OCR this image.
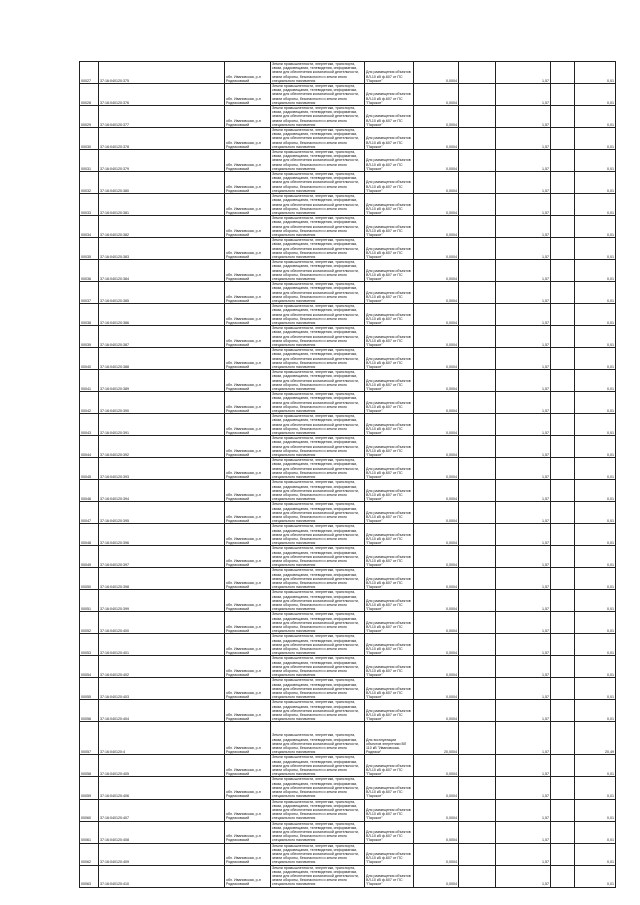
00027	37:16:040120:375	обл. Ивановская, р-н Родниковский	Земли промышленности, энергетики, транспорта, связи, радиовещания, телевидения, информатики, земли для обеспечения космической деятельности, земли обороны, безопасности и земли иного специального назначения	Для размещения объектов ВЛ-10 кВ ф.607 от ПС "Парское"	0,0004		1,57		0,01
00028	37:16:040120:376	обл. Ивановская, р-н Родниковский	Земли промышленности, энергетики, транспорта, связи, радиовещания, телевидения, информатики, земли для обеспечения космической деятельности, земли обороны, безопасности и земли иного специального назначения	Для размещения объектов ВЛ-10 кВ ф.607 от ПС "Парское"	0,0004		1,57		0,01
00029	37:16:040120:377	обл. Ивановская, р-н Родниковский	Земли промышленности, энергетики, транспорта, связи, радиовещания, телевидения, информатики, земли для обеспечения космической деятельности, земли обороны, безопасности и земли иного специального назначения	Для размещения объектов ВЛ-10 кВ ф.607 от ПС "Парское"	0,0004		1,57		0,01
00030	37:16:040120:378	обл. Ивановская, р-н Родниковский	Земли промышленности, энергетики, транспорта, связи, радиовещания, телевидения, информатики, земли для обеспечения космической деятельности, земли обороны, безопасности и земли иного специального назначения	Для размещения объектов ВЛ-10 кВ ф.607 от ПС "Парское"	0,0004		1,57		0,01
00031	37:16:040120:379	обл. Ивановская, р-н Родниковский	Земли промышленности, энергетики, транспорта, связи, радиовещания, телевидения, информатики, земли для обеспечения космической деятельности, земли обороны, безопасности и земли иного специального назначения	Для размещения объектов ВЛ-10 кВ ф.607 от ПС "Парское"	0,0004		1,57		0,01
00032	37:16:040120:380	обл. Ивановская, р-н Родниковский	Земли промышленности, энергетики, транспорта, связи, радиовещания, телевидения, информатики, земли для обеспечения космической деятельности, земли обороны, безопасности и земли иного специального назначения	Для размещения объектов ВЛ-10 кВ ф.607 от ПС "Парское"	0,0004		1,57		0,01
00033	37:16:040120:381	обл. Ивановская, р-н Родниковский	Земли промышленности, энергетики, транспорта, связи, радиовещания, телевидения, информатики, земли для обеспечения космической деятельности, земли обороны, безопасности и земли иного специального назначения	Для размещения объектов ВЛ-10 кВ ф.607 от ПС "Парское"	0,0004		1,57		0,01
00034	37:16:040120:382	обл. Ивановская, р-н Родниковский	Земли промышленности, энергетики, транспорта, связи, радиовещания, телевидения, информатики, земли для обеспечения космической деятельности, земли обороны, безопасности и земли иного специального назначения	Для размещения объектов ВЛ-10 кВ ф.607 от ПС "Парское"	0,0004		1,57		0,01
00035	37:16:040120:383	обл. Ивановская, р-н Родниковский	Земли промышленности, энергетики, транспорта, связи, радиовещания, телевидения, информатики, земли для обеспечения космической деятельности, земли обороны, безопасности и земли иного специального назначения	Для размещения объектов ВЛ-10 кВ ф.607 от ПС "Парское"	0,0004		1,57		0,01
00036	37:16:040120:384	обл. Ивановская, р-н Родниковский	Земли промышленности, энергетики, транспорта, связи, радиовещания, телевидения, информатики, земли для обеспечения космической деятельности, земли обороны, безопасности и земли иного специального назначения	Для размещения объектов ВЛ-10 кВ ф.607 от ПС "Парское"	0,0004		1,57		0,01
00037	37:16:040120:385	обл. Ивановская, р-н Родниковский	Земли промышленности, энергетики, транспорта, связи, радиовещания, телевидения, информатики, земли для обеспечения космической деятельности, земли обороны, безопасности и земли иного специального назначения	Для размещения объектов ВЛ-10 кВ ф.607 от ПС "Парское"	0,0004		1,57		0,01
00038	37:16:040120:386	обл. Ивановская, р-н Родниковский	Земли промышленности, энергетики, транспорта, связи, радиовещания, телевидения, информатики, земли для обеспечения космической деятельности, земли обороны, безопасности и земли иного специального назначения	Для размещения объектов ВЛ-10 кВ ф.607 от ПС "Парское"	0,0004		1,57		0,01
00039	37:16:040120:387	обл. Ивановская, р-н Родниковский	Земли промышленности, энергетики, транспорта, связи, радиовещания, телевидения, информатики, земли для обеспечения космической деятельности, земли обороны, безопасности и земли иного специального назначения	Для размещения объектов ВЛ-10 кВ ф.607 от ПС "Парское"	0,0004		1,57		0,01
00040	37:16:040120:388	обл. Ивановская, р-н Родниковский	Земли промышленности, энергетики, транспорта, связи, радиовещания, телевидения, информатики, земли для обеспечения космической деятельности, земли обороны, безопасности и земли иного специального назначения	Для размещения объектов ВЛ-10 кВ ф.607 от ПС "Парское"	0,0004		1,57		0,01
00041	37:16:040120:389	обл. Ивановская, р-н Родниковский	Земли промышленности, энергетики, транспорта, связи, радиовещания, телевидения, информатики, земли для обеспечения космической деятельности, земли обороны, безопасности и земли иного специального назначения	Для размещения объектов ВЛ-10 кВ ф.607 от ПС "Парское"	0,0004		1,57		0,01
00042	37:16:040120:390	обл. Ивановская, р-н Родниковский	Земли промышленности, энергетики, транспорта, связи, радиовещания, телевидения, информатики, земли для обеспечения космической деятельности, земли обороны, безопасности и земли иного специального назначения	Для размещения объектов ВЛ-10 кВ ф.607 от ПС "Парское"	0,0004		1,57		0,01
00043	37:16:040120:391	обл. Ивановская, р-н Родниковский	Земли промышленности, энергетики, транспорта, связи, радиовещания, телевидения, информатики, земли для обеспечения космической деятельности, земли обороны, безопасности и земли иного специального назначения	Для размещения объектов ВЛ-10 кВ ф.607 от ПС "Парское"	0,0004		1,57		0,01
00044	37:16:040120:392	обл. Ивановская, р-н Родниковский	Земли промышленности, энергетики, транспорта, связи, радиовещания, телевидения, информатики, земли для обеспечения космической деятельности, земли обороны, безопасности и земли иного специального назначения	Для размещения объектов ВЛ-10 кВ ф.607 от ПС "Парское"	0,0004		1,57		0,01
00045	37:16:040120:393	обл. Ивановская, р-н Родниковский	Земли промышленности, энергетики, транспорта, связи, радиовещания, телевидения, информатики, земли для обеспечения космической деятельности, земли обороны, безопасности и земли иного специального назначения	Для размещения объектов ВЛ-10 кВ ф.607 от ПС "Парское"	0,0004		1,57		0,01
00046	37:16:040120:394	обл. Ивановская, р-н Родниковский	Земли промышленности, энергетики, транспорта, связи, радиовещания, телевидения, информатики, земли для обеспечения космической деятельности, земли обороны, безопасности и земли иного специального назначения	Для размещения объектов ВЛ-10 кВ ф.607 от ПС "Парское"	0,0004		1,57		0,01
00047	37:16:040120:395	обл. Ивановская, р-н Родниковский	Земли промышленности, энергетики, транспорта, связи, радиовещания, телевидения, информатики, земли для обеспечения космической деятельности, земли обороны, безопасности и земли иного специального назначения	Для размещения объектов ВЛ-10 кВ ф.607 от ПС "Парское"	0,0004		1,57		0,01
00048	37:16:040120:396	обл. Ивановская, р-н Родниковский	Земли промышленности, энергетики, транспорта, связи, радиовещания, телевидения, информатики, земли для обеспечения космической деятельности, земли обороны, безопасности и земли иного специального назначения	Для размещения объектов ВЛ-10 кВ ф.607 от ПС "Парское"	0,0004		1,57		0,01
00049	37:16:040120:397	обл. Ивановская, р-н Родниковский	Земли промышленности, энергетики, транспорта, связи, радиовещания, телевидения, информатики, земли для обеспечения космической деятельности, земли обороны, безопасности и земли иного специального назначения	Для размещения объектов ВЛ-10 кВ ф.607 от ПС "Парское"	0,0004		1,57		0,01
00050	37:16:040120:398	обл. Ивановская, р-н Родниковский	Земли промышленности, энергетики, транспорта, связи, радиовещания, телевидения, информатики, земли для обеспечения космической деятельности, земли обороны, безопасности и земли иного специального назначения	Для размещения объектов ВЛ-10 кВ ф.607 от ПС "Парское"	0,0004		1,57		0,01
00051	37:16:040120:399	обл. Ивановская, р-н Родниковский	Земли промышленности, энергетики, транспорта, связи, радиовещания, телевидения, информатики, земли для обеспечения космической деятельности, земли обороны, безопасности и земли иного специального назначения	Для размещения объектов ВЛ-10 кВ ф.607 от ПС "Парское"	0,0004		1,57		0,01
00052	37:16:040120:400	обл. Ивановская, р-н Родниковский	Земли промышленности, энергетики, транспорта, связи, радиовещания, телевидения, информатики, земли для обеспечения космической деятельности, земли обороны, безопасности и земли иного специального назначения	Для размещения объектов ВЛ-10 кВ ф.607 от ПС "Парское"	0,0004		1,57		0,01
00053	37:16:040120:401	обл. Ивановская, р-н Родниковский	Земли промышленности, энергетики, транспорта, связи, радиовещания, телевидения, информатики, земли для обеспечения космической деятельности, земли обороны, безопасности и земли иного специального назначения	Для размещения объектов ВЛ-10 кВ ф.607 от ПС "Парское"	0,0004		1,57		0,01
00054	37:16:040120:402	обл. Ивановская, р-н Родниковский	Земли промышленности, энергетики, транспорта, связи, радиовещания, телевидения, информатики, земли для обеспечения космической деятельности, земли обороны, безопасности и земли иного специального назначения	Для размещения объектов ВЛ-10 кВ ф.607 от ПС "Парское"	0,0004		1,57		0,01
00055	37:16:040120:403	обл. Ивановская, р-н Родниковский	Земли промышленности, энергетики, транспорта, связи, радиовещания, телевидения, информатики, земли для обеспечения космической деятельности, земли обороны, безопасности и земли иного специального назначения	Для размещения объектов ВЛ-10 кВ ф.607 от ПС "Парское"	0,0004		1,57		0,01
00056	37:16:040120:404	обл. Ивановская, р-н Родниковский	Земли промышленности, энергетики, транспорта, связи, радиовещания, телевидения, информатики, земли для обеспечения космической деятельности, земли обороны, безопасности и земли иного специального назначения	Для размещения объектов ВЛ-10 кВ ф.607 от ПС "Парское"	0,0004		1,57		0,01
00057	37:16:040120:4	обл. Ивановская, р-н Родниковский	Земли промышленности, энергетики, транспорта, связи, радиовещания, телевидения, информатики, земли для обеспечения космической деятельности, земли обороны, безопасности и земли иного специального назначения	Для эксплуатации объектов энергетики ВЛ 110 кВ "Ивановская-Родники"	20,0004		1,57		20,49
00058	37:16:040120:405	обл. Ивановская, р-н Родниковский	Земли промышленности, энергетики, транспорта, связи, радиовещания, телевидения, информатики, земли для обеспечения космической деятельности, земли обороны, безопасности и земли иного специального назначения	Для размещения объектов ВЛ-10 кВ ф.607 от ПС "Парское"	0,0004		1,57		0,01
00059	37:16:040120:406	обл. Ивановская, р-н Родниковский	Земли промышленности, энергетики, транспорта, связи, радиовещания, телевидения, информатики, земли для обеспечения космической деятельности, земли обороны, безопасности и земли иного специального назначения	Для размещения объектов ВЛ-10 кВ ф.607 от ПС "Парское"	0,0004		1,57		0,01
00060	37:16:040120:407	обл. Ивановская, р-н Родниковский	Земли промышленности, энергетики, транспорта, связи, радиовещания, телевидения, информатики, земли для обеспечения космической деятельности, земли обороны, безопасности и земли иного специального назначения	Для размещения объектов ВЛ-10 кВ ф.607 от ПС "Парское"	0,0004		1,57		0,01
00061	37:16:040120:408	обл. Ивановская, р-н Родниковский	Земли промышленности, энергетики, транспорта, связи, радиовещания, телевидения, информатики, земли для обеспечения космической деятельности, земли обороны, безопасности и земли иного специального назначения	Для размещения объектов ВЛ-10 кВ ф.607 от ПС "Парское"	0,0004		1,57		0,01
00062	37:16:040120:409	обл. Ивановская, р-н Родниковский	Земли промышленности, энергетики, транспорта, связи, радиовещания, телевидения, информатики, земли для обеспечения космической деятельности, земли обороны, безопасности и земли иного специального назначения	Для размещения объектов ВЛ-10 кВ ф.607 от ПС "Парское"	0,0004		1,57		0,01
00063	37:16:040120:410	обл. Ивановская, р-н Родниковский	Земли промышленности, энергетики, транспорта, связи, радиовещания, телевидения, информатики, земли для обеспечения космической деятельности, земли обороны, безопасности и земли иного специального назначения	Для размещения объектов ВЛ-10 кВ ф.607 от ПС "Парское"	0,0004		1,57		0,01
